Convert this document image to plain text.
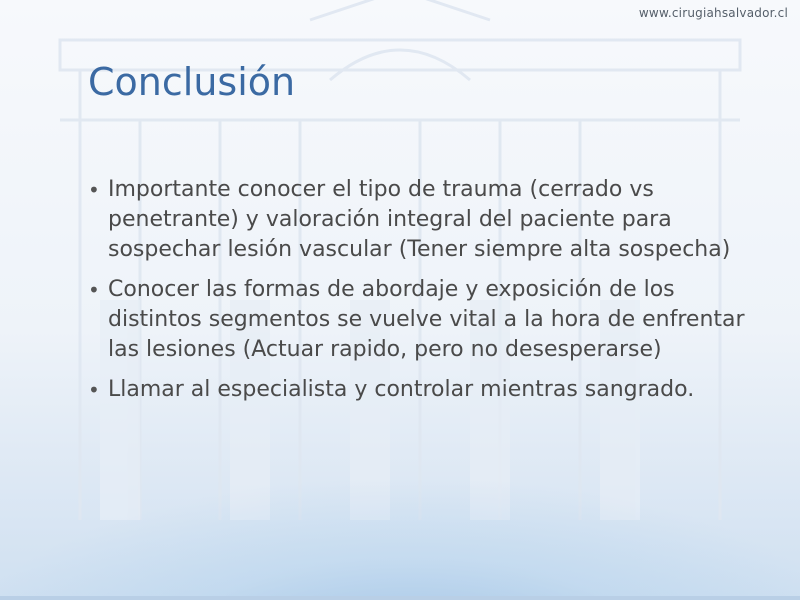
www.cirugiahsalvador.cl
Conclusión
• Importante conocer el tipo de trauma (cerrado vs penetrante) y valoración integral del paciente para sospechar lesión vascular (Tener siempre alta sospecha)
• Conocer las formas de abordaje y exposición de los distintos segmentos se vuelve vital a la hora de enfrentar las lesiones (Actuar rapido, pero no desesperarse)
• Llamar al especialista y controlar mientras sangrado.
